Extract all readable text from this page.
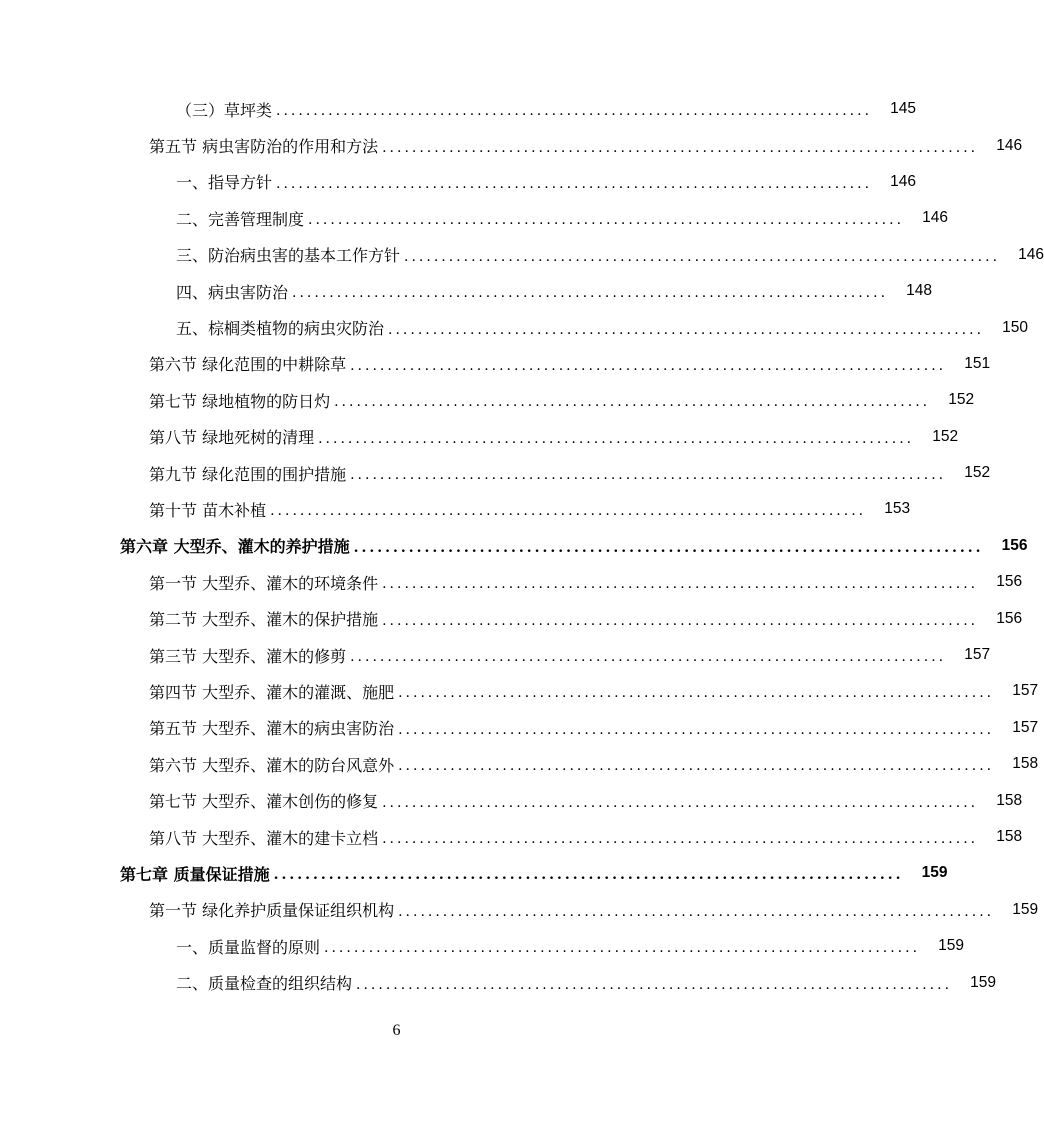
（三）草坪类 ................................................................................	145
第五节 病虫害防治的作用和方法 ................................................................................	146
一、指导方针 ................................................................................	146
二、完善管理制度 ................................................................................	146
三、防治病虫害的基本工作方针 ................................................................................	146
四、病虫害防治 ................................................................................	148
五、棕榈类植物的病虫灾防治 ................................................................................	150
第六节 绿化范围的中耕除草 ................................................................................	151
第七节 绿地植物的防日灼 ................................................................................	152
第八节 绿地死树的清理 ................................................................................	152
第九节 绿化范围的围护措施 ................................................................................	152
第十节 苗木补植 ................................................................................	153
第六章 大型乔、灌木的养护措施 ................................................................................	156
第一节 大型乔、灌木的环境条件 ................................................................................	156
第二节 大型乔、灌木的保护措施 ................................................................................	156
第三节 大型乔、灌木的修剪 ................................................................................	157
第四节 大型乔、灌木的灌溉、施肥 ................................................................................	157
第五节 大型乔、灌木的病虫害防治 ................................................................................	157
第六节 大型乔、灌木的防台风意外 ................................................................................	158
第七节 大型乔、灌木创伤的修复 ................................................................................	158
第八节 大型乔、灌木的建卡立档 ................................................................................	158
第七章 质量保证措施 ................................................................................	159
第一节 绿化养护质量保证组织机构 ................................................................................	159
一、质量监督的原则 ................................................................................	159
二、质量检查的组织结构 ................................................................................	159
6
